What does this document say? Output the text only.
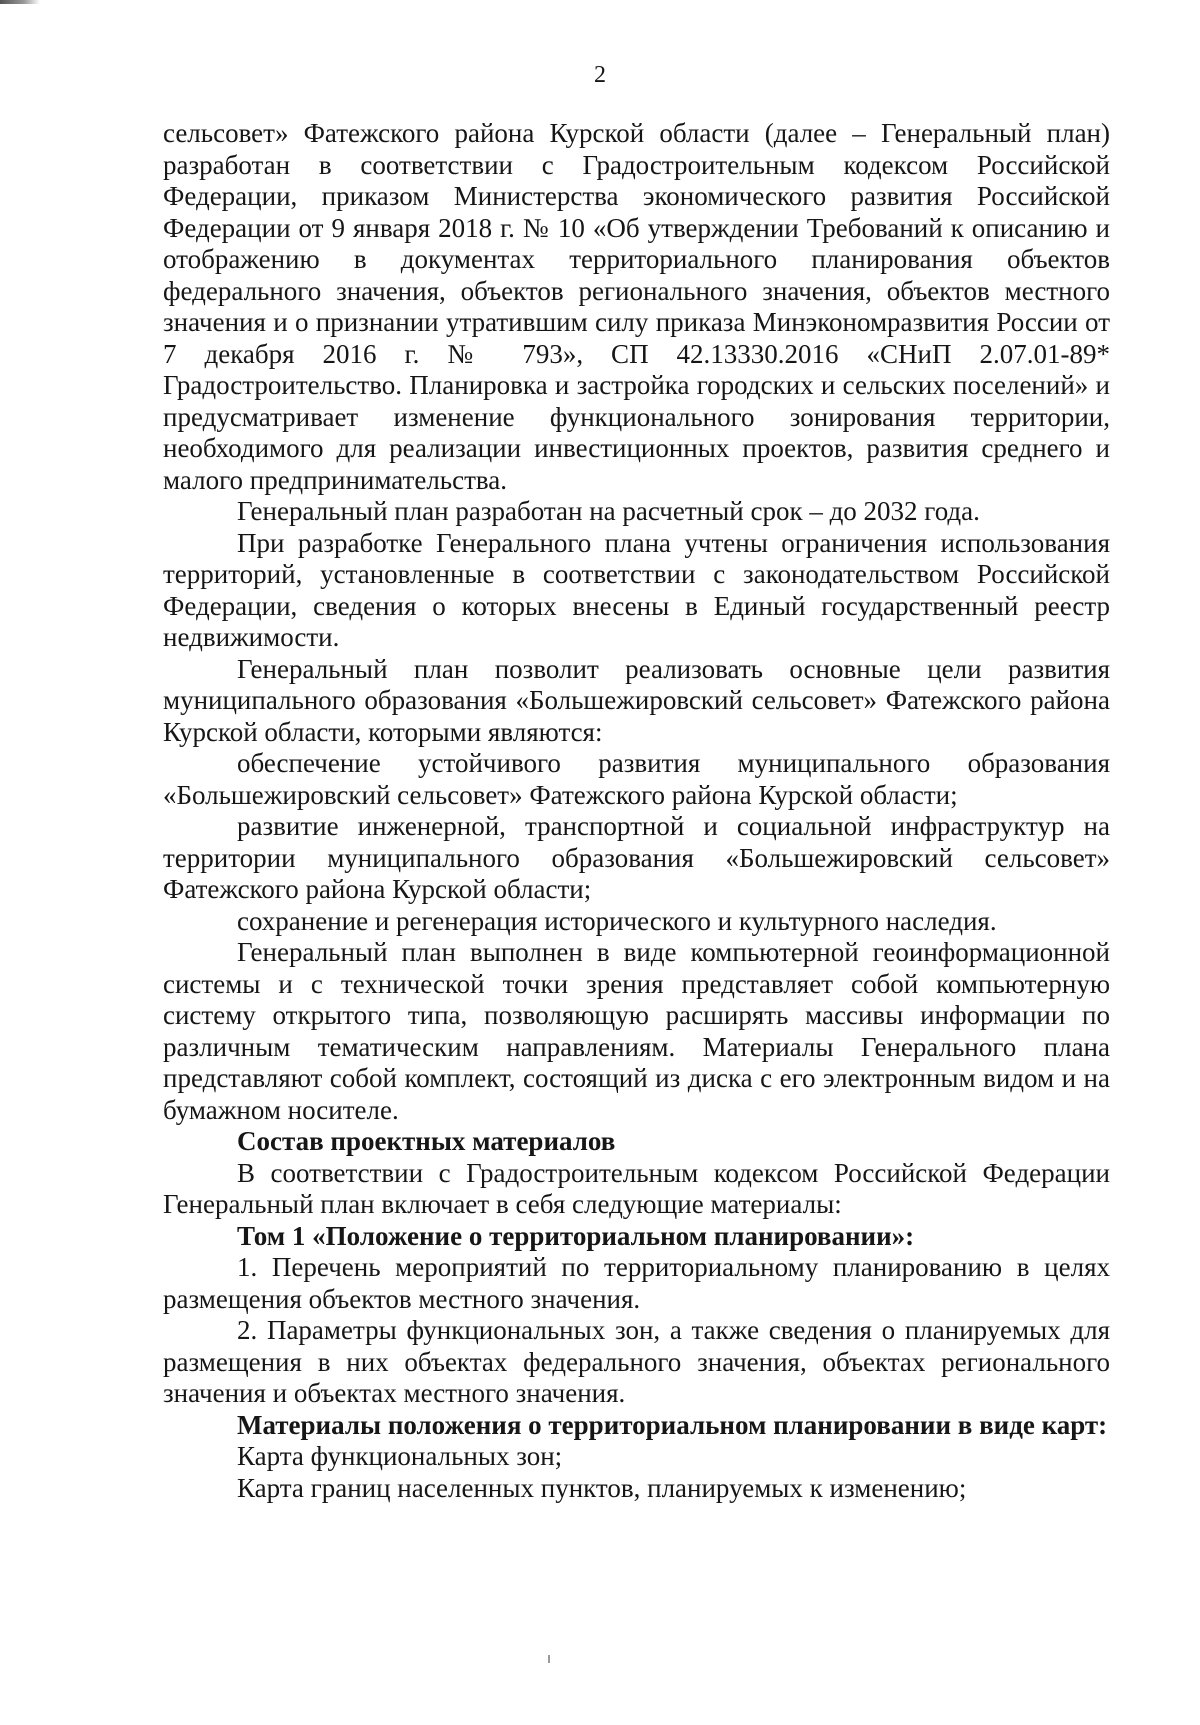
2

сельсовет» Фатежского района Курской области (далее – Генеральный план) разработан в соответствии с Градостроительным кодексом Российской Федерации, приказом Министерства экономического развития Российской Федерации от 9 января 2018 г. № 10 «Об утверждении Требований к описанию и отображению в документах территориального планирования объектов федерального значения, объектов регионального значения, объектов местного значения и о признании утратившим силу приказа Минэкономразвития России от 7 декабря 2016 г. № 793», СП 42.13330.2016 «СНиП 2.07.01-89* Градостроительство. Планировка и застройка городских и сельских поселений» и предусматривает изменение функционального зонирования территории, необходимого для реализации инвестиционных проектов, развития среднего и малого предпринимательства.

Генеральный план разработан на расчетный срок – до 2032 года.

При разработке Генерального плана учтены ограничения использования территорий, установленные в соответствии с законодательством Российской Федерации, сведения о которых внесены в Единый государственный реестр недвижимости.

Генеральный план позволит реализовать основные цели развития муниципального образования «Большежировский сельсовет» Фатежского района Курской области, которыми являются:

обеспечение устойчивого развития муниципального образования «Большежировский сельсовет» Фатежского района Курской области;

развитие инженерной, транспортной и социальной инфраструктур на территории муниципального образования «Большежировский сельсовет» Фатежского района Курской области;

сохранение и регенерация исторического и культурного наследия.

Генеральный план выполнен в виде компьютерной геоинформационной системы и с технической точки зрения представляет собой компьютерную систему открытого типа, позволяющую расширять массивы информации по различным тематическим направлениям. Материалы Генерального плана представляют собой комплект, состоящий из диска с его электронным видом и на бумажном носителе.

Состав проектных материалов

В соответствии с Градостроительным кодексом Российской Федерации Генеральный план включает в себя следующие материалы:

Том 1 «Положение о территориальном планировании»:

1. Перечень мероприятий по территориальному планированию в целях размещения объектов местного значения.

2. Параметры функциональных зон, а также сведения о планируемых для размещения в них объектах федерального значения, объектах регионального значения и объектах местного значения.

Материалы положения о территориальном планировании в виде карт:

Карта функциональных зон;

Карта границ населенных пунктов, планируемых к изменению;
